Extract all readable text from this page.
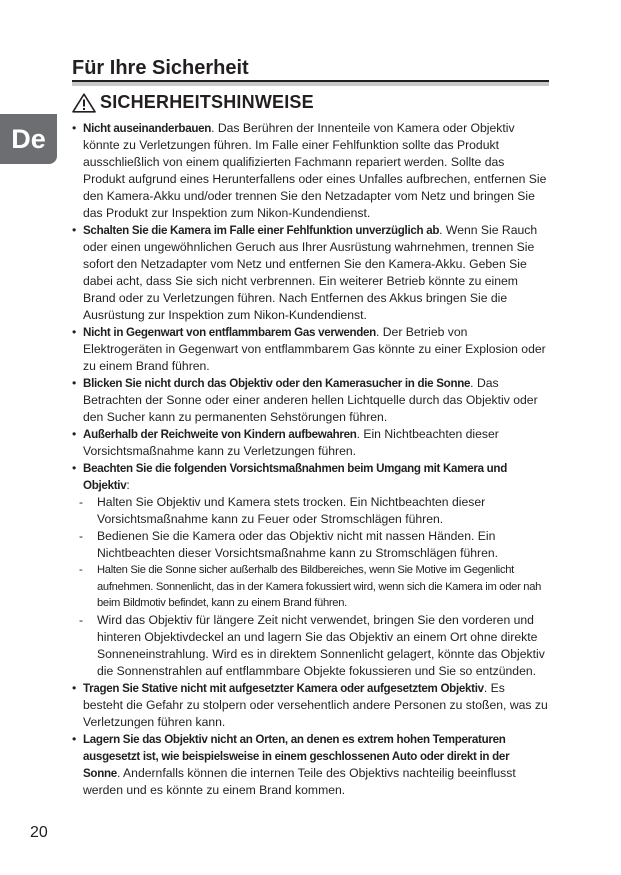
De
Für Ihre Sicherheit
SICHERHEITSHINWEISE
• Nicht auseinanderbauen. Das Berühren der Innenteile von Kamera oder Objektiv könnte zu Verletzungen führen. Im Falle einer Fehlfunktion sollte das Produkt ausschließlich von einem qualifizierten Fachmann repariert werden. Sollte das Produkt aufgrund eines Herunterfallens oder eines Unfalles aufbrechen, entfernen Sie den Kamera-Akku und/oder trennen Sie den Netzadapter vom Netz und bringen Sie das Produkt zur Inspektion zum Nikon-Kundendienst.
• Schalten Sie die Kamera im Falle einer Fehlfunktion unverzüglich ab. Wenn Sie Rauch oder einen ungewöhnlichen Geruch aus Ihrer Ausrüstung wahrnehmen, trennen Sie sofort den Netzadapter vom Netz und entfernen Sie den Kamera-Akku. Geben Sie dabei acht, dass Sie sich nicht verbrennen. Ein weiterer Betrieb könnte zu einem Brand oder zu Verletzungen führen. Nach Entfernen des Akkus bringen Sie die Ausrüstung zur Inspektion zum Nikon-Kundendienst.
• Nicht in Gegenwart von entflammbarem Gas verwenden. Der Betrieb von Elektrogeräten in Gegenwart von entflammbarem Gas könnte zu einer Explosion oder zu einem Brand führen.
• Blicken Sie nicht durch das Objektiv oder den Kamerasucher in die Sonne. Das Betrachten der Sonne oder einer anderen hellen Lichtquelle durch das Objektiv oder den Sucher kann zu permanenten Sehstörungen führen.
• Außerhalb der Reichweite von Kindern aufbewahren. Ein Nichtbeachten dieser Vorsichtsmaßnahme kann zu Verletzungen führen.
• Beachten Sie die folgenden Vorsichtsmaßnahmen beim Umgang mit Kamera und Objektiv:
- Halten Sie Objektiv und Kamera stets trocken. Ein Nichtbeachten dieser Vorsichtsmaßnahme kann zu Feuer oder Stromschlägen führen.
- Bedienen Sie die Kamera oder das Objektiv nicht mit nassen Händen. Ein Nichtbeachten dieser Vorsichtsmaßnahme kann zu Stromschlägen führen.
- Halten Sie die Sonne sicher außerhalb des Bildbereiches, wenn Sie Motive im Gegenlicht aufnehmen. Sonnenlicht, das in der Kamera fokussiert wird, wenn sich die Kamera im oder nah beim Bildmotiv befindet, kann zu einem Brand führen.
- Wird das Objektiv für längere Zeit nicht verwendet, bringen Sie den vorderen und hinteren Objektivdeckel an und lagern Sie das Objektiv an einem Ort ohne direkte Sonneneinstrahlung. Wird es in direktem Sonnenlicht gelagert, könnte das Objektiv die Sonnenstrahlen auf entflammbare Objekte fokussieren und Sie so entzünden.
• Tragen Sie Stative nicht mit aufgesetzter Kamera oder aufgesetztem Objektiv. Es besteht die Gefahr zu stolpern oder versehentlich andere Personen zu stoßen, was zu Verletzungen führen kann.
• Lagern Sie das Objektiv nicht an Orten, an denen es extrem hohen Temperaturen ausgesetzt ist, wie beispielsweise in einem geschlossenen Auto oder direkt in der Sonne. Andernfalls können die internen Teile des Objektivs nachteilig beeinflusst werden und es könnte zu einem Brand kommen.
20
